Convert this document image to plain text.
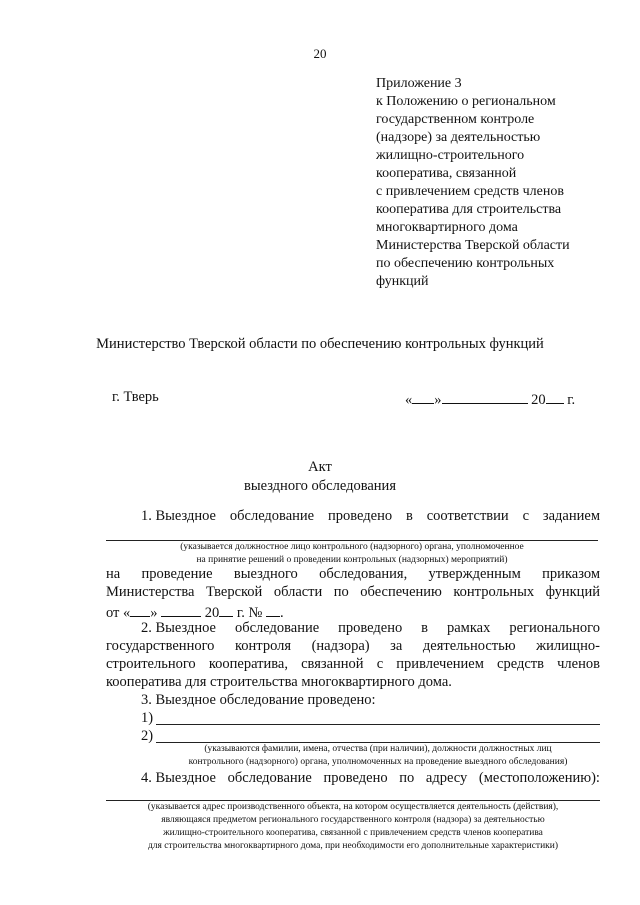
20
Приложение 3
к Положению о региональном
государственном контроле
(надзоре) за деятельностью
жилищно-строительного
кооператива, связанной
с привлечением средств членов
кооператива для строительства
многоквартирного дома
Министерства Тверской области
по обеспечению контрольных
функций
Министерство Тверской области по обеспечению контрольных функций
г. Тверь	« »	20 г.
Акт
выездного обследования
1. Выездное обследование проведено в соответствии с заданием
(указывается должностное лицо контрольного (надзорного) органа, уполномоченное
на принятие решений о проведении контрольных (надзорных) мероприятий)
на проведение выездного обследования, утвержденным приказом
Министерства Тверской области по обеспечению контрольных функций
от « »	20 г. № .
2. Выездное обследование проведено в рамках регионального
государственного контроля (надзора) за деятельностью жилищно-
строительного кооператива, связанной с привлечением средств членов
кооператива для строительства многоквартирного дома.
3. Выездное обследование проведено:
1)
2)
(указываются фамилии, имена, отчества (при наличии), должности должностных лиц
контрольного (надзорного) органа, уполномоченных на проведение выездного обследования)
4. Выездное обследование проведено по адресу (местоположению):
(указывается адрес производственного объекта, на котором осуществляется деятельность (действия),
являющаяся предметом регионального государственного контроля (надзора) за деятельностью
жилищно-строительного кооператива, связанной с привлечением средств членов кооператива
для строительства многоквартирного дома, при необходимости его дополнительные характеристики)
